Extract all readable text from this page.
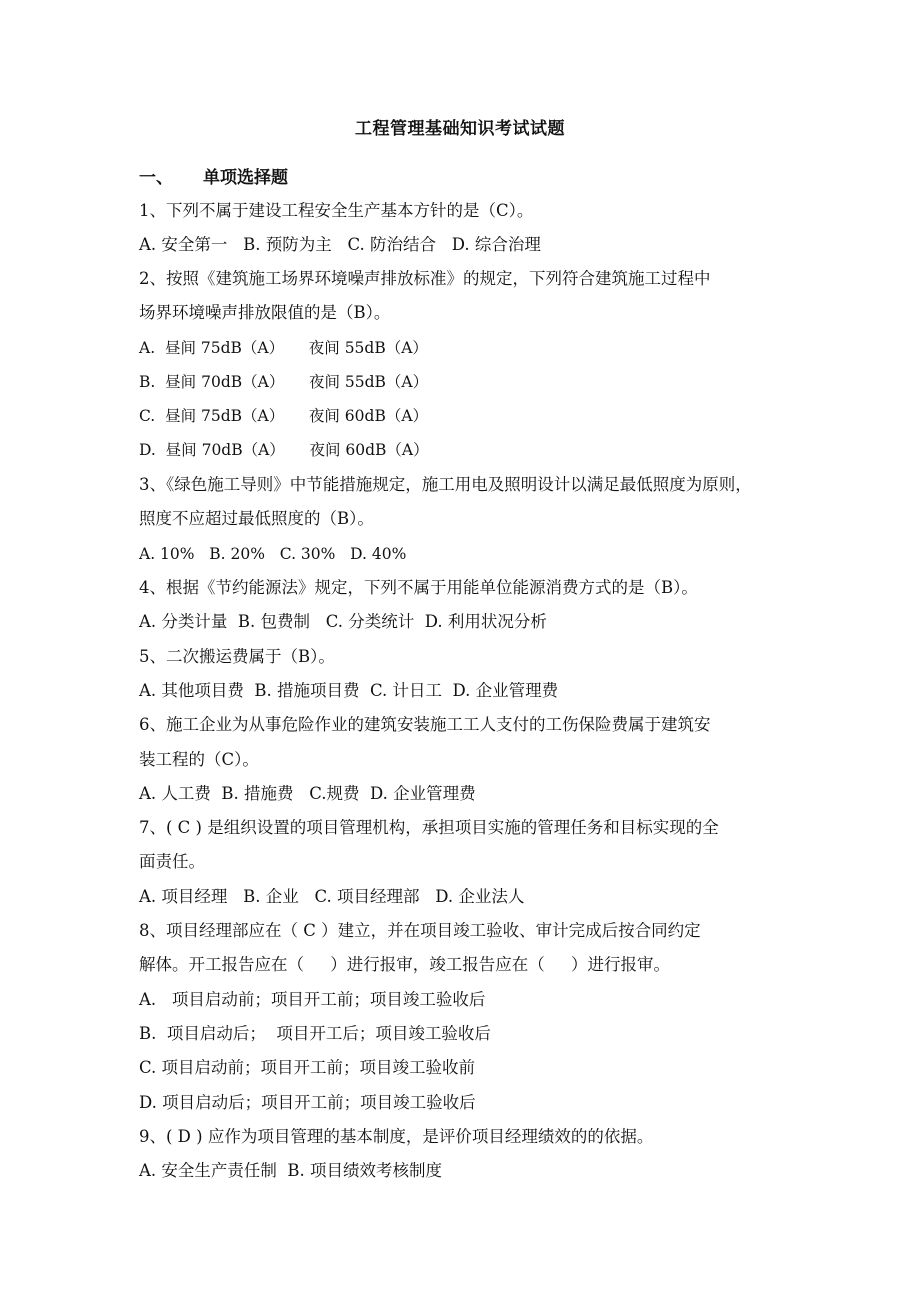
工程管理基础知识考试试题
一、 单项选择题
1、下列不属于建设工程安全生产基本方针的是（C）。
A. 安全第一   B. 预防为主   C. 防治结合   D. 综合治理
2、按照《建筑施工场界环境噪声排放标准》的规定，下列符合建筑施工过程中
场界环境噪声排放限值的是（B）。
A.  昼间 75dB（A）     夜间 55dB（A）
B.  昼间 70dB（A）     夜间 55dB（A）
C.  昼间 75dB（A）     夜间 60dB（A）
D.  昼间 70dB（A）     夜间 60dB（A）
3、《绿色施工导则》中节能措施规定，施工用电及照明设计以满足最低照度为原则，
照度不应超过最低照度的（B）。
A. 10%   B. 20%   C. 30%   D. 40%
4、根据《节约能源法》规定，下列不属于用能单位能源消费方式的是（B）。
A. 分类计量  B. 包费制   C. 分类统计  D. 利用状况分析
5、二次搬运费属于（B）。
A. 其他项目费  B. 措施项目费  C. 计日工  D. 企业管理费
6、施工企业为从事危险作业的建筑安装施工工人支付的工伤保险费属于建筑安
装工程的（C）。
A. 人工费  B. 措施费   C.规费  D. 企业管理费
7、( C ) 是组织设置的项目管理机构，承担项目实施的管理任务和目标实现的全
面责任。
A. 项目经理   B. 企业   C. 项目经理部   D. 企业法人
8、项目经理部应在（ C ）建立，并在项目竣工验收、审计完成后按合同约定
解体。开工报告应在（     ）进行报审，竣工报告应在（     ）进行报审。
A.   项目启动前；项目开工前；项目竣工验收后
B.  项目启动后；  项目开工后；项目竣工验收后
C. 项目启动前；项目开工前；项目竣工验收前
D. 项目启动后；项目开工前；项目竣工验收后
9、( D ) 应作为项目管理的基本制度，是评价项目经理绩效的的依据。
A. 安全生产责任制  B. 项目绩效考核制度
